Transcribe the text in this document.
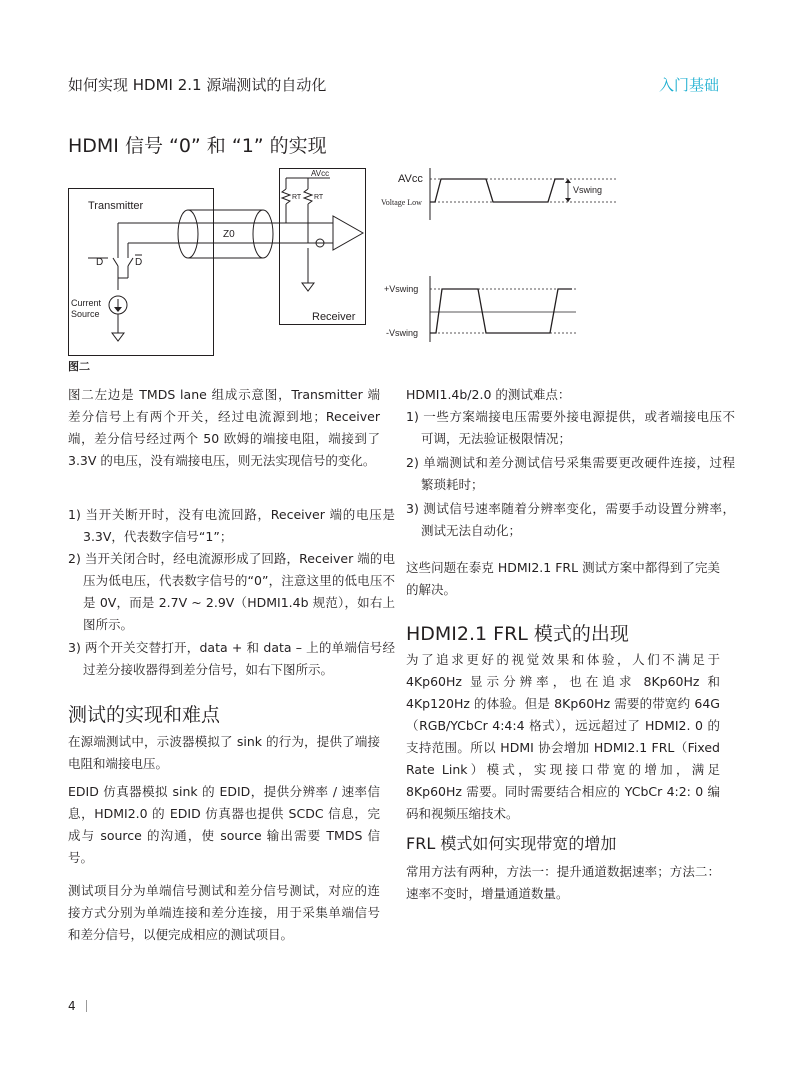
如何实现 HDMI 2.1 源端测试的自动化	入门基础
HDMI 信号 “0” 和 “1” 的实现
AVcc
RT RT
Transmitter
Receiver
Z0
D	D
Current
Source
AVcc
Voltage Low
Vswing
+Vswing
-Vswing
图二

图二左边是 TMDS lane 组成示意图，Transmitter 端差分信号上有两个开关，经过电流源到地；Receiver 端，差分信号经过两个 50 欧姆的端接电阻，端接到了 3.3V 的电压，没有端接电压，则无法实现信号的变化。

1) 当开关断开时，没有电流回路，Receiver 端的电压是 3.3V，代表数字信号“1”；

2) 当开关闭合时，经电流源形成了回路，Receiver 端的电压为低电压，代表数字信号的“0”，注意这里的低电压不是 0V，而是 2.7V ~ 2.9V（HDMI1.4b 规范），如右上图所示。

3) 两个开关交替打开，data + 和 data – 上的单端信号经过差分接收器得到差分信号，如右下图所示。

测试的实现和难点

在源端测试中，示波器模拟了 sink 的行为，提供了端接电阻和端接电压。

EDID 仿真器模拟 sink 的 EDID，提供分辨率 / 速率信息，HDMI2.0 的 EDID 仿真器也提供 SCDC 信息，完成与 source 的沟通，使 source 输出需要 TMDS 信号。

测试项目分为单端信号测试和差分信号测试，对应的连接方式分别为单端连接和差分连接，用于采集单端信号和差分信号，以便完成相应的测试项目。

HDMI1.4b/2.0 的测试难点：

1) 一些方案端接电压需要外接电源提供，或者端接电压不可调，无法验证极限情况；

2) 单端测试和差分测试信号采集需要更改硬件连接，过程繁琐耗时；

3) 测试信号速率随着分辨率变化，需要手动设置分辨率，测试无法自动化；

这些问题在泰克 HDMI2.1 FRL 测试方案中都得到了完美的解决。

HDMI2.1 FRL 模式的出现

为了追求更好的视觉效果和体验，人们不满足于4Kp60Hz 显示分辨率，也在追求 8Kp60Hz 和 4Kp120Hz 的体验。但是 8Kp60Hz 需要的带宽约 64G（RGB/YCbCr 4:4:4 格式），远远超过了 HDMI2. 0 的支持范围。所以 HDMI 协会增加 HDMI2.1 FRL（Fixed Rate Link）模式，实现接口带宽的增加，满足 8Kp60Hz 需要。同时需要结合相应的 YCbCr 4:2: 0 编码和视频压缩技术。

FRL 模式如何实现带宽的增加

常用方法有两种，方法一：提升通道数据速率；方法二：速率不变时，增量通道数量。

4
